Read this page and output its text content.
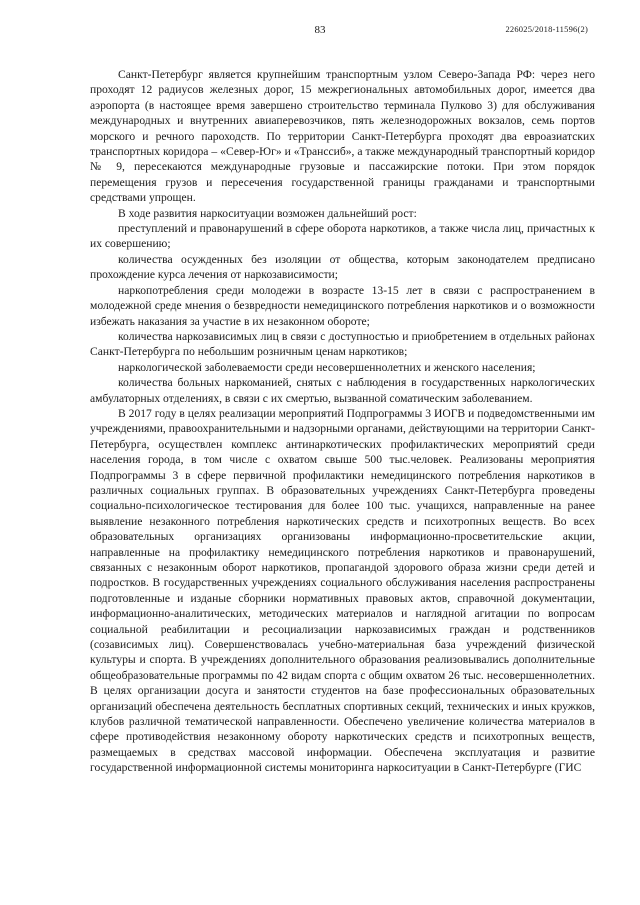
83	226025/2018-11596(2)

Санкт-Петербург является крупнейшим транспортным узлом Северо-Запада РФ: через него проходят 12 радиусов железных дорог, 15 межрегиональных автомобильных дорог, имеется два аэропорта (в настоящее время завершено строительство терминала Пулково 3) для обслуживания международных и внутренних авиаперевозчиков, пять железнодорожных вокзалов, семь портов морского и речного пароходств. По территории Санкт-Петербурга проходят два евроазиатских транспортных коридора – «Север-Юг» и «Транссиб», а также международный транспортный коридор № 9, пересекаются международные грузовые и пассажирские потоки. При этом порядок перемещения грузов и пересечения государственной границы гражданами и транспортными средствами упрощен.

В ходе развития наркоситуации возможен дальнейший рост:

преступлений и правонарушений в сфере оборота наркотиков, а также числа лиц, причастных к их совершению;

количества осужденных без изоляции от общества, которым законодателем предписано прохождение курса лечения от наркозависимости;

наркопотребления среди молодежи в возрасте 13-15 лет в связи с распространением в молодежной среде мнения о безвредности немедицинского потребления наркотиков и о возможности избежать наказания за участие в их незаконном обороте;

количества наркозависимых лиц в связи с доступностью и приобретением в отдельных районах Санкт-Петербурга по небольшим розничным ценам наркотиков;

наркологической заболеваемости среди несовершеннолетних и женского населения;

количества больных наркоманией, снятых с наблюдения в государственных наркологических амбулаторных отделениях, в связи с их смертью, вызванной соматическим заболеванием.

В 2017 году в целях реализации мероприятий Подпрограммы 3 ИОГВ и подведомственными им учреждениями, правоохранительными и надзорными органами, действующими на территории Санкт-Петербурга, осуществлен комплекс антинаркотических профилактических мероприятий среди населения города, в том числе с охватом свыше 500 тыс.человек. Реализованы мероприятия Подпрограммы 3 в сфере первичной профилактики немедицинского потребления наркотиков в различных социальных группах. В образовательных учреждениях Санкт-Петербурга проведены социально-психологическое тестирования для более 100 тыс. учащихся, направленные на ранее выявление незаконного потребления наркотических средств и психотропных веществ. Во всех образовательных организациях организованы информационно-просветительские акции, направленные на профилактику немедицинского потребления наркотиков и правонарушений, связанных с незаконным оборот наркотиков, пропагандой здорового образа жизни среди детей и подростков. В государственных учреждениях социального обслуживания населения распространены подготовленные и изданые сборники нормативных правовых актов, справочной документации, информационно-аналитических, методических материалов и наглядной агитации по вопросам социальной реабилитации и ресоциализации наркозависимых граждан и родственников (созависимых лиц). Совершенствовалась учебно-материальная база учреждений физической культуры и спорта. В учреждениях дополнительного образования реализовывались дополнительные общеобразовательные программы по 42 видам спорта с общим охватом 26 тыс. несовершеннолетних. В целях организации досуга и занятости студентов на базе профессиональных образовательных организаций обеспечена деятельность бесплатных спортивных секций, технических и иных кружков, клубов различной тематической направленности. Обеспечено увеличение количества материалов в сфере противодействия незаконному обороту наркотических средств и психотропных веществ, размещаемых в средствах массовой информации. Обеспечена эксплуатация и развитие государственной информационной системы мониторинга наркоситуации в Санкт-Петербурге (ГИС
